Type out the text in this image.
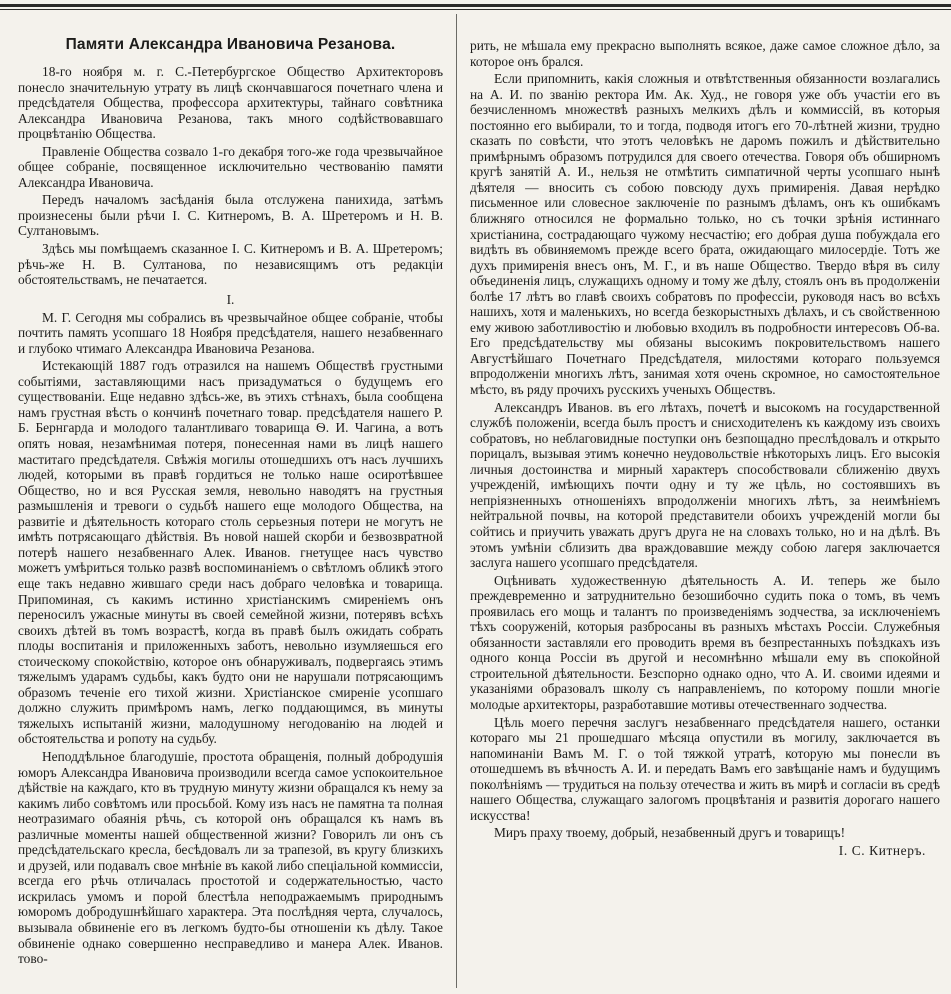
Памяти Александра Ивановича Резанова.

18-го ноября м. г. С.-Петербургское Общество Архитекторовъ понесло значительную утрату въ лицѣ скончавшагося почетнаго члена и предсѣдателя Общества, профессора архитектуры, тайнаго совѣтника Александра Ивановича Резанова, такъ много содѣйствовавшаго процвѣтанію Общества.

Правленіе Общества созвало 1-го декабря того-же года чрезвычайное общее собраніе, посвященное исключительно чествованію памяти Александра Ивановича.

Передъ началомъ засѣданія была отслужена панихида, затѣмъ произнесены были рѣчи І. С. Китнеромъ, В. А. Шретеромъ и Н. В. Султановымъ.

Здѣсь мы помѣщаемъ сказанное І. С. Китнеромъ и В. А. Шретеромъ; рѣчь-же Н. В. Султанова, по независящимъ отъ редакціи обстоятельствамъ, не печатается.

I.

М. Г. Сегодня мы собрались въ чрезвычайное общее собраніе, чтобы почтить память усопшаго 18 Ноября предсѣдателя, нашего незабвеннаго и глубоко чтимаго Александра Ивановича Резанова.

Истекающій 1887 годъ отразился на нашемъ Обществѣ грустными событіями, заставляющими насъ призадуматься о будущемъ его существованіи. Еще недавно здѣсь-же, въ этихъ стѣнахъ, была сообщена намъ грустная вѣсть о кончинѣ почетнаго товар. предсѣдателя нашего Р. Б. Бернгарда и молодого талантливаго товарища Ѳ. И. Чагина, а вотъ опять новая, незамѣнимая потеря, понесенная нами въ лицѣ нашего маститаго предсѣдателя. Свѣжія могилы отошедшихъ отъ насъ лучшихъ людей, которыми въ правѣ гордиться не только наше осиротѣвшее Общество, но и вся Русская земля, невольно наводятъ на грустныя размышленія и тревоги о судьбѣ нашего еще молодого Общества, на развитіе и дѣятельность котораго столь серьезныя потери не могутъ не имѣть потрясающаго дѣйствія. Въ новой нашей скорби и безвозвратной потерѣ нашего незабвеннаго Алек. Иванов. гнетущее насъ чувство можетъ умѣриться только развѣ воспоминаніемъ о свѣтломъ обликѣ этого еще такъ недавно жившаго среди насъ добраго человѣка и товарища. Припоминая, съ какимъ истинно христіанскимъ смиреніемъ онъ переносилъ ужасные минуты въ своей семейной жизни, потерявъ всѣхъ своихъ дѣтей въ томъ возрастѣ, когда въ правѣ былъ ожидать собрать плоды воспитанія и приложенныхъ заботъ, невольно изумляешься его стоическому спокойствію, которое онъ обнаруживалъ, подвергаясь этимъ тяжелымъ ударамъ судьбы, какъ будто они не нарушали потрясающимъ образомъ теченіе его тихой жизни. Христіанское смиреніе усопшаго должно служить примѣромъ намъ, легко поддающимся, въ минуты тяжелыхъ испытаній жизни, малодушному негодованію на людей и обстоятельства и ропоту на судьбу.

Неподдѣльное благодушіе, простота обращенія, полный добродушія юморъ Александра Ивановича производили всегда самое успокоительное дѣйствіе на каждаго, кто въ трудную минуту жизни обращался къ нему за какимъ либо совѣтомъ или просьбой. Кому изъ насъ не памятна та полная неотразимаго обаянія рѣчь, съ которой онъ обращался къ намъ въ различные моменты нашей общественной жизни? Говорилъ ли онъ съ предсѣдательскаго кресла, бесѣдовалъ ли за трапезой, въ кругу близкихъ и друзей, или подавалъ свое мнѣніе въ какой либо спеціальной коммиссіи, всегда его рѣчь отличалась простотой и содержательностью, часто искрилась умомъ и порой блестѣла неподражаемымъ природнымъ юморомъ добродушнѣйшаго характера. Эта послѣдняя черта, случалось, вызывала обвиненіе его въ легкомъ будто-бы отношеніи къ дѣлу. Такое обвиненіе однако совершенно несправедливо и манера Алек. Иванов. тово-

рить, не мѣшала ему прекрасно выполнять всякое, даже самое сложное дѣло, за которое онъ брался.

Если припомнить, какія сложныя и отвѣтственныя обязанности возлагались на А. И. по званію ректора Им. Ак. Худ., не говоря уже объ участіи его въ безчисленномъ множествѣ разныхъ мелкихъ дѣлъ и коммиссій, въ которыя постоянно его выбирали, то и тогда, подводя итогъ его 70-лѣтней жизни, трудно сказать по совѣсти, что этотъ человѣкъ не даромъ пожилъ и дѣйствительно примѣрнымъ образомъ потрудился для своего отечества. Говоря объ обширномъ кругѣ занятій А. И., нельзя не отмѣтить симпатичной черты усопшаго нынѣ дѣятеля — вносить съ собою повсюду духъ примиренія. Давая нерѣдко письменное или словесное заключеніе по разнымъ дѣламъ, онъ къ ошибкамъ ближняго относился не формально только, но съ точки зрѣнія истиннаго христіанина, сострадающаго чужому несчастію; его добрая душа побуждала его видѣть въ обвиняемомъ прежде всего брата, ожидающаго милосердіе. Тотъ же духъ примиренія внесъ онъ, М. Г., и въ наше Общество. Твердо вѣря въ силу объединенія лицъ, служащихъ одному и тому же дѣлу, стоялъ онъ въ продолженіи болѣе 17 лѣтъ во главѣ своихъ собратовъ по профессіи, руководя насъ во всѣхъ нашихъ, хотя и маленькихъ, но всегда безкорыстныхъ дѣлахъ, и съ свойственною ему живою заботливостію и любовью входилъ въ подробности интересовъ Об-ва. Его предсѣдательству мы обязаны высокимъ покровительствомъ нашего Августѣйшаго Почетнаго Предсѣдателя, милостями котораго пользуемся впродолженіи многихъ лѣтъ, занимая хотя очень скромное, но самостоятельное мѣсто, въ ряду прочихъ русскихъ ученыхъ Обществъ.

Александръ Иванов. въ его лѣтахъ, почетѣ и высокомъ на государственной службѣ положеніи, всегда былъ простъ и снисходителенъ къ каждому изъ своихъ собратовъ, но неблаговидные поступки онъ безпощадно преслѣдовалъ и открыто порицалъ, вызывая этимъ конечно неудовольствіе нѣкоторыхъ лицъ. Его высокія личныя достоинства и мирный характеръ способствовали сближенію двухъ учрежденій, имѣющихъ почти одну и ту же цѣль, но состоявшихъ въ непріязненныхъ отношеніяхъ впродолженіи многихъ лѣтъ, за неимѣніемъ нейтральной почвы, на которой представители обоихъ учрежденій могли бы сойтись и приучить уважать другъ друга не на словахъ только, но и на дѣлѣ. Въ этомъ умѣніи сблизить два враждовавшие между собою лагеря заключается заслуга нашего усопшаго предсѣдателя.

Оцѣнивать художественную дѣятельность А. И. теперь же было преждевременно и затруднительно безошибочно судить пока о томъ, въ чемъ проявилась его мощь и талантъ по произведеніямъ зодчества, за исключеніемъ тѣхъ сооруженій, которыя разбросаны въ разныхъ мѣстахъ Россіи. Служебныя обязанности заставляли его проводить время въ безпрестанныхъ поѣздкахъ изъ одного конца Россіи въ другой и несомнѣнно мѣшали ему въ спокойной строительной дѣятельности. Безспорно однако одно, что А. И. своими идеями и указаніями образовалъ школу съ направленіемъ, по которому пошли многіе молодые архитекторы, разработавшие мотивы отечественнаго зодчества.

Цѣль моего перечня заслугъ незабвеннаго предсѣдателя нашего, останки котораго мы 21 прошедшаго мѣсяца опустили въ могилу, заключается въ напоминаніи Вамъ М. Г. о той тяжкой утратѣ, которую мы понесли въ отошедшемъ въ вѣчность А. И. и передать Вамъ его завѣщаніе намъ и будущимъ поколѣніямъ — трудиться на пользу отечества и жить въ мирѣ и согласіи въ средѣ нашего Общества, служащаго залогомъ процвѣтанія и развитія дорогаго нашего искусства!

Миръ праху твоему, добрый, незабвенный другъ и товарищъ!

І. С. Китнеръ.
